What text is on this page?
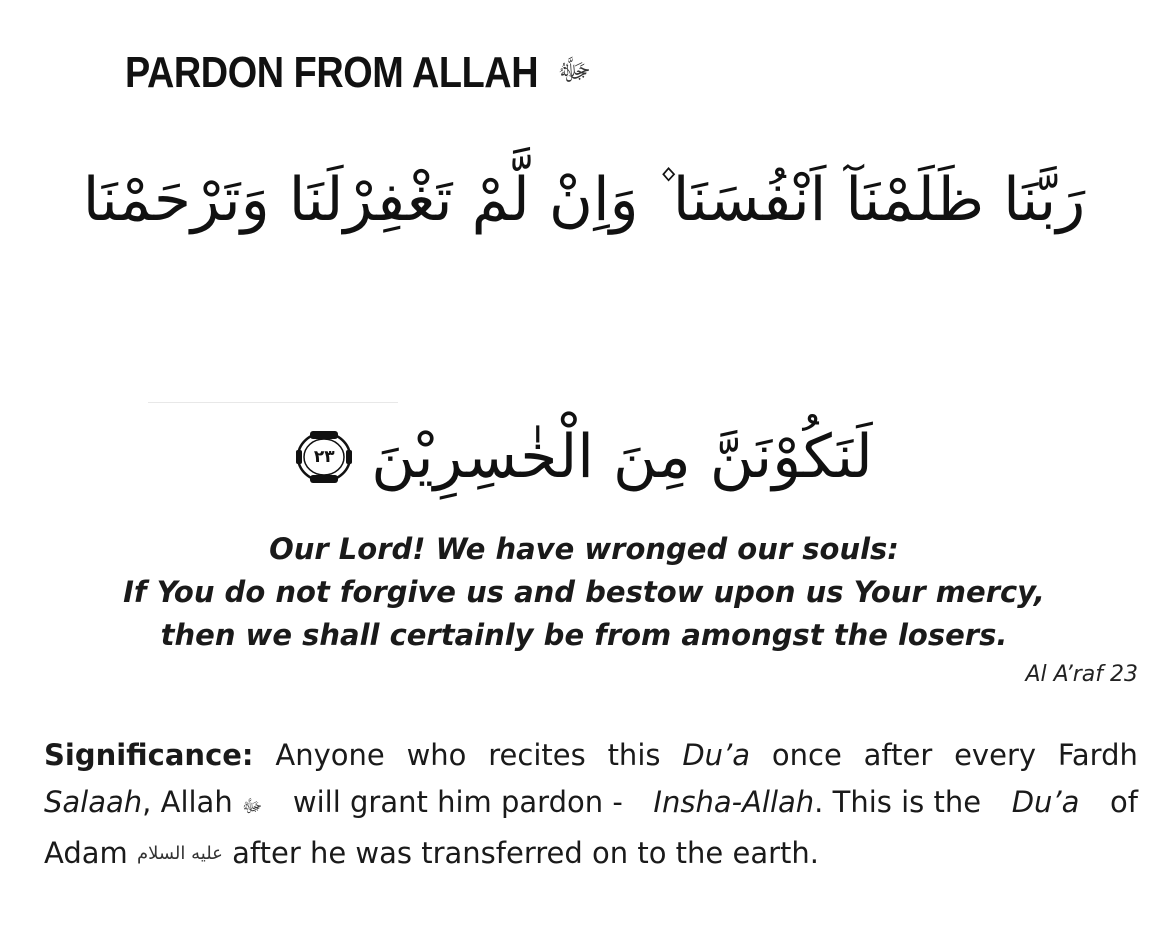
PARDON FROM ALLAH ﷻ
رَبَّنَا ظَلَمْنَآ اَنْفُسَنَا ۫ وَاِنْ لَّمْ تَغْفِرْلَنَا وَتَرْحَمْنَا
٢٣ لَنَكُوْنَنَّ مِنَ الْخٰسِرِيْنَ
Our Lord! We have wronged our souls:
If You do not forgive us and bestow upon us Your mercy,
then we shall certainly be from amongst the losers.
Al A’raf 23
Significance: Anyone who recites this Du’a once after every Fardh
Salaah, Allah ﷻ will grant him pardon - Insha-Allah. This is the Du’a of
Adam
عليه السلام
after he was transferred on to the earth.
